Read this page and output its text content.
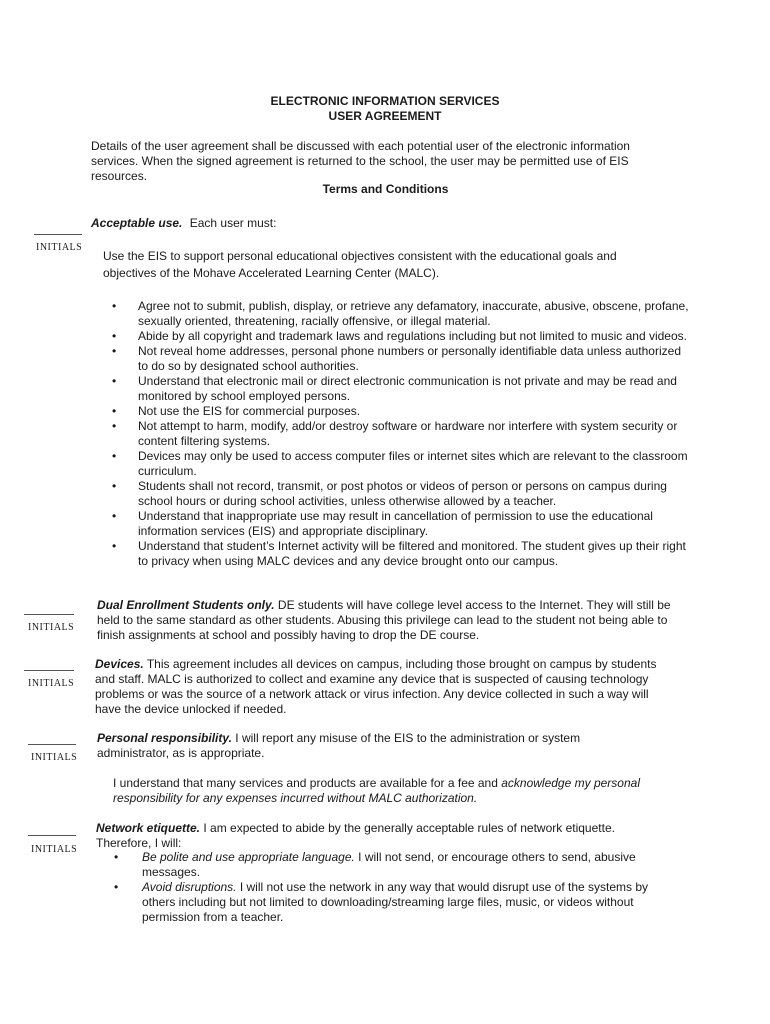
ELECTRONIC INFORMATION SERVICES
USER AGREEMENT
Details of the user agreement shall be discussed with each potential user of the electronic information services. When the signed agreement is returned to the school, the user may be permitted use of EIS resources.
Terms and Conditions
Acceptable use. Each user must:
INITIALS
Use the EIS to support personal educational objectives consistent with the educational goals and objectives of the Mohave Accelerated Learning Center (MALC).
• Agree not to submit, publish, display, or retrieve any defamatory, inaccurate, abusive, obscene, profane, sexually oriented, threatening, racially offensive, or illegal material.
• Abide by all copyright and trademark laws and regulations including but not limited to music and videos.
• Not reveal home addresses, personal phone numbers or personally identifiable data unless authorized to do so by designated school authorities.
• Understand that electronic mail or direct electronic communication is not private and may be read and monitored by school employed persons.
• Not use the EIS for commercial purposes.
• Not attempt to harm, modify, add/or destroy software or hardware nor interfere with system security or content filtering systems.
• Devices may only be used to access computer files or internet sites which are relevant to the classroom curriculum.
• Students shall not record, transmit, or post photos or videos of person or persons on campus during school hours or during school activities, unless otherwise allowed by a teacher.
• Understand that inappropriate use may result in cancellation of permission to use the educational information services (EIS) and appropriate disciplinary.
• Understand that student’s Internet activity will be filtered and monitored. The student gives up their right to privacy when using MALC devices and any device brought onto our campus.
INITIALS
Dual Enrollment Students only. DE students will have college level access to the Internet. They will still be held to the same standard as other students. Abusing this privilege can lead to the student not being able to finish assignments at school and possibly having to drop the DE course.
INITIALS
Devices. This agreement includes all devices on campus, including those brought on campus by students and staff. MALC is authorized to collect and examine any device that is suspected of causing technology problems or was the source of a network attack or virus infection. Any device collected in such a way will have the device unlocked if needed.
INITIALS
Personal responsibility. I will report any misuse of the EIS to the administration or system administrator, as is appropriate.
I understand that many services and products are available for a fee and acknowledge my personal responsibility for any expenses incurred without MALC authorization.
INITIALS
Network etiquette. I am expected to abide by the generally acceptable rules of network etiquette. Therefore, I will:
• Be polite and use appropriate language. I will not send, or encourage others to send, abusive messages.
• Avoid disruptions. I will not use the network in any way that would disrupt use of the systems by others including but not limited to downloading/streaming large files, music, or videos without permission from a teacher.
